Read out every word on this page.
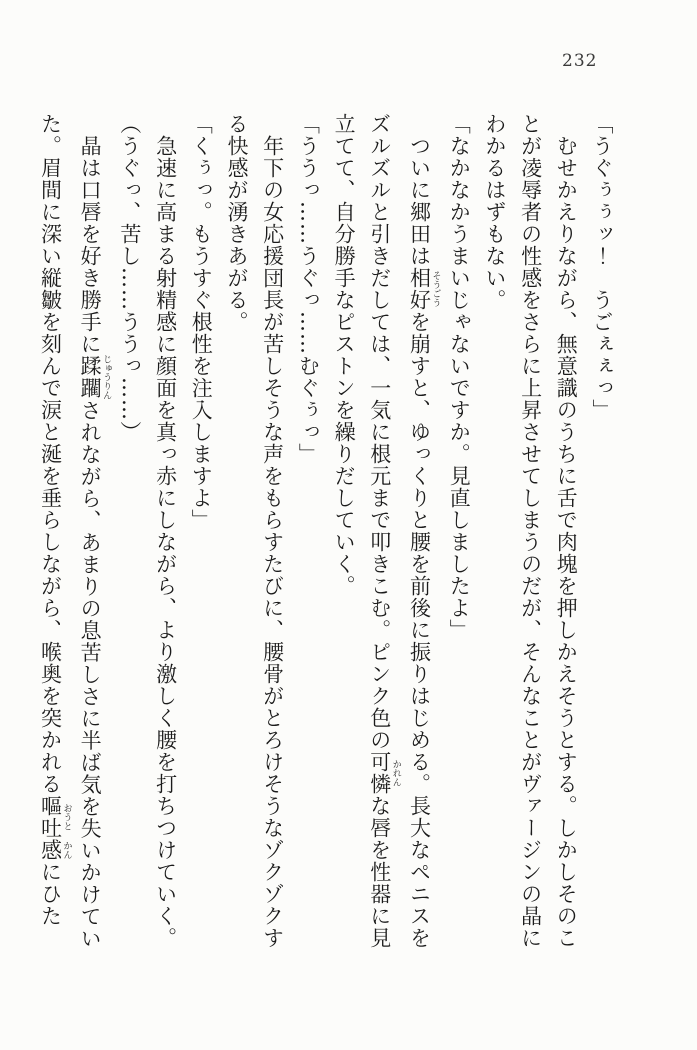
232
「うぐぅぅッ！　うごぇぇっ」
むせかえりながら、無意識のうちに舌で肉塊を押しかえそうとする。しかしそのこ
とが凌辱者の性感をさらに上昇させてしまうのだが、そんなことがヴァージンの晶に
わかるはずもない。
「なかなかうまいじゃないですか。見直しましたよ」
ついに郷田は相好 そうごうを崩すと、ゆっくりと腰を前後に振りはじめる。長大なペニスを
ズルズルと引きだしては、一気に根元まで叩きこむ。ピンク色の可憐 かれんな唇を性器に見
立てて、自分勝手なピストンを繰りだしていく。
「ううっ……うぐっ……むぐぅっ」
年下の女応援団長が苦しそうな声をもらすたびに、腰骨がとろけそうなゾクゾクす
る快感が湧きあがる。
「くぅっ。もうすぐ根性を注入しますよ」
急速に高まる射精感に顔面を真っ赤にしながら、より激しく腰を打ちつけていく。
（うぐっ、苦し……ううっ……）
晶は口唇を好き勝手に蹂躙 じゅうりんされながら、あまりの息苦しさに半ば気を失いかけてい
た。眉間に深い縦皺を刻んで涙と涎を垂らしながら、喉奥を突かれる嘔吐 おうと感 かんにひた
